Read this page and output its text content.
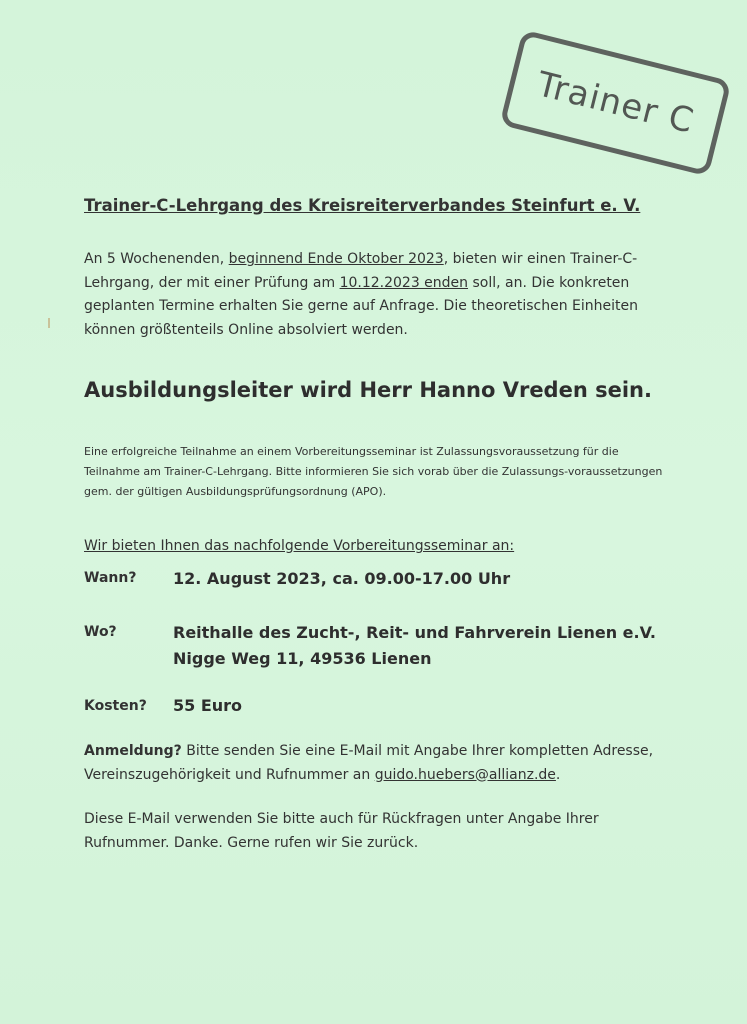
Trainer C
Trainer-C-Lehrgang des Kreisreiterverbandes Steinfurt e. V.
An 5 Wochenenden, beginnend Ende Oktober 2023, bieten wir einen Trainer-C-Lehrgang, der mit einer Prüfung am 10.12.2023 enden soll, an. Die konkreten geplanten Termine erhalten Sie gerne auf Anfrage. Die theoretischen Einheiten können größtenteils Online absolviert werden.
Ausbildungsleiter wird Herr Hanno Vreden sein.
Eine erfolgreiche Teilnahme an einem Vorbereitungsseminar ist Zulassungsvoraussetzung für die Teilnahme am Trainer-C-Lehrgang. Bitte informieren Sie sich vorab über die Zulassungs-voraussetzungen gem. der gültigen Ausbildungsprüfungsordnung (APO).
Wir bieten Ihnen das nachfolgende Vorbereitungsseminar an:
Wann? 12. August 2023, ca. 09.00-17.00 Uhr
Wo?	Reithalle des Zucht-, Reit- und Fahrverein Lienen e.V.
Nigge Weg 11, 49536 Lienen
Kosten? 55 Euro
Anmeldung? Bitte senden Sie eine E-Mail mit Angabe Ihrer kompletten Adresse, Vereinszugehörigkeit und Rufnummer an guido.huebers@allianz.de.
Diese E-Mail verwenden Sie bitte auch für Rückfragen unter Angabe Ihrer Rufnummer. Danke. Gerne rufen wir Sie zurück.
